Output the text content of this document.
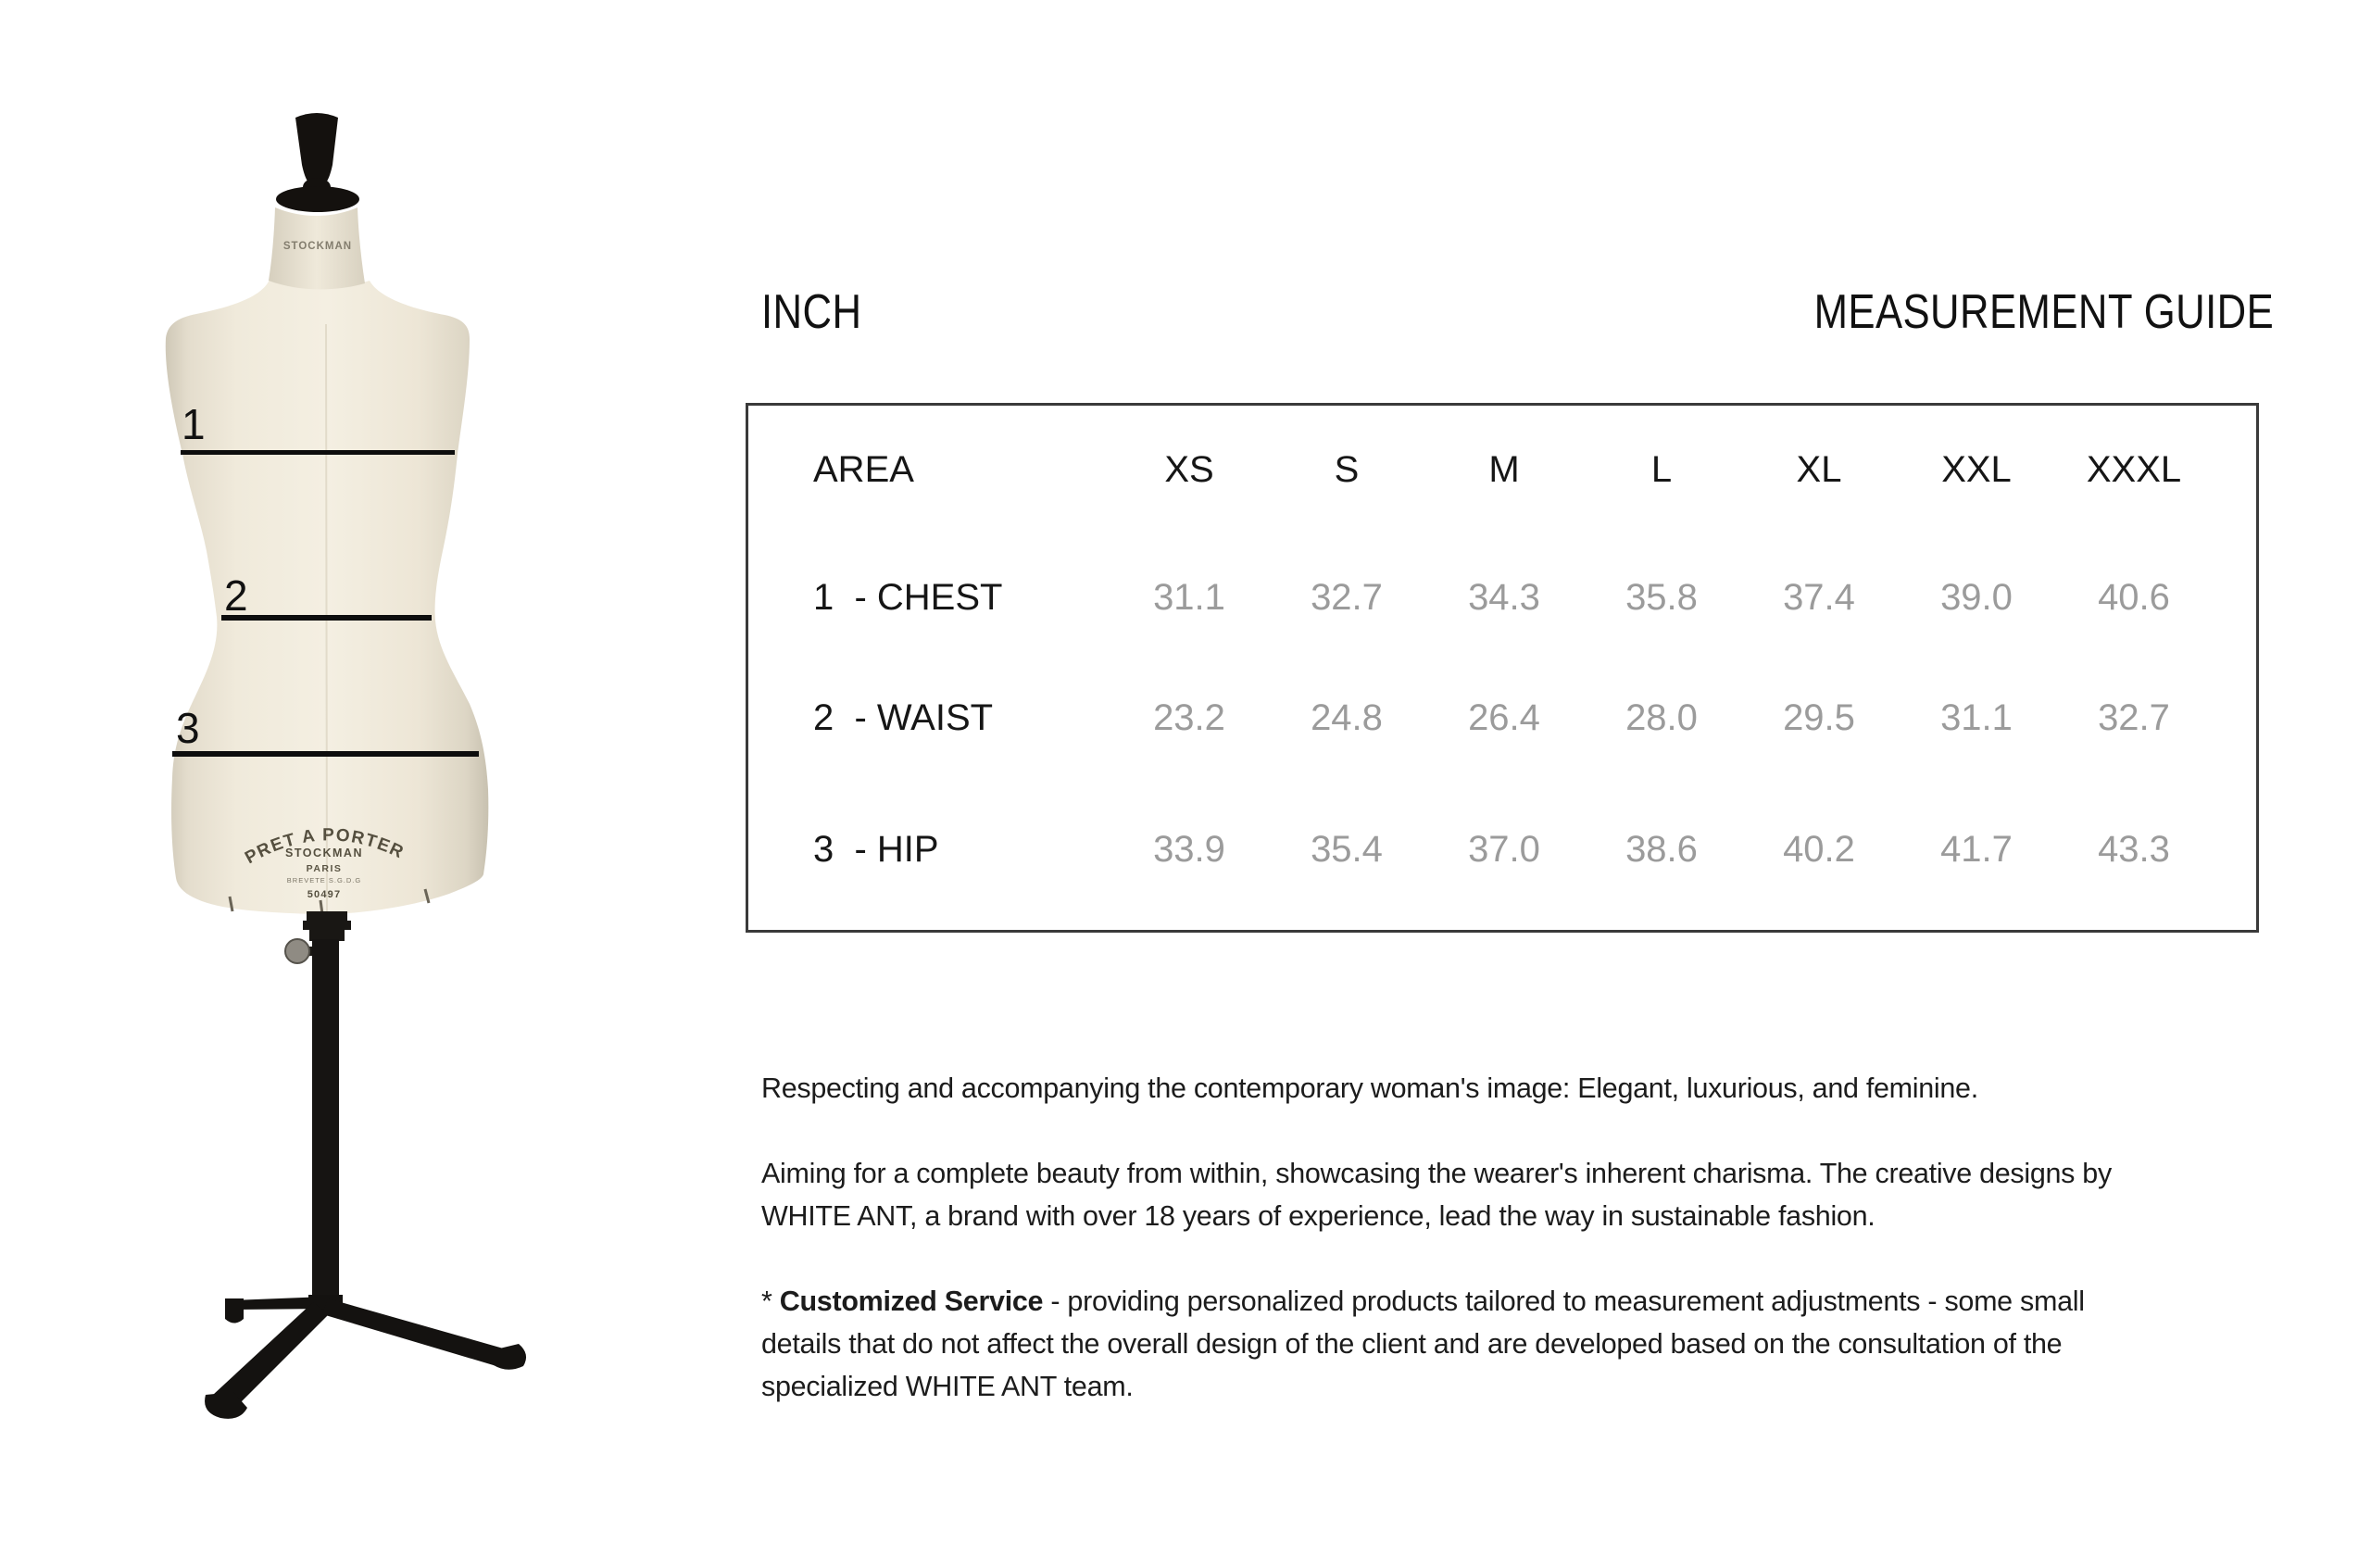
STOCKMAN
PRET A PORTER
STOCKMAN
PARIS
BREVETE S.G.D.G
50497
1
2
3
INCH	MEASUREMENT GUIDE
AREA	XS	S	M	L	XL	XXL	XXXL
1  - CHEST	31.1	32.7	34.3	35.8	37.4	39.0	40.6
2  - WAIST	23.2	24.8	26.4	28.0	29.5	31.1	32.7
3  - HIP	33.9	35.4	37.0	38.6	40.2	41.7	43.3

Respecting and accompanying the contemporary woman's image: Elegant, luxurious, and feminine.

Aiming for a complete beauty from within, showcasing the wearer's inherent charisma. The creative designs by
WHITE ANT, a brand with over 18 years of experience, lead the way in sustainable fashion.

* Customized Service - providing personalized products tailored to measurement adjustments - some small
details that do not affect the overall design of the client and are developed based on the consultation of the
specialized WHITE ANT team.
